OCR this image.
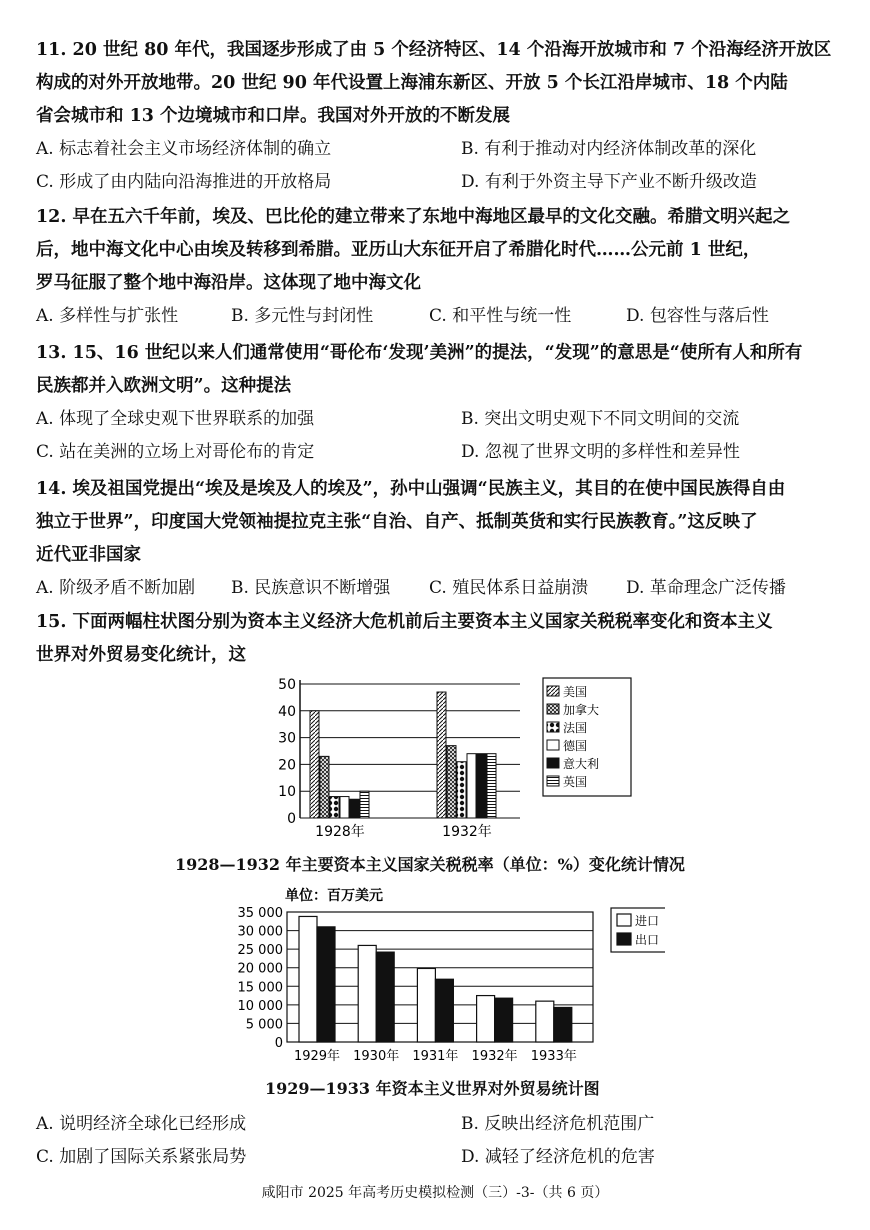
11. 20 世纪 80 年代，我国逐步形成了由 5 个经济特区、14 个沿海开放城市和 7 个沿海经济开放区
构成的对外开放地带。20 世纪 90 年代设置上海浦东新区、开放 5 个长江沿岸城市、18 个内陆
省会城市和 13 个边境城市和口岸。我国对外开放的不断发展
A. 标志着社会主义市场经济体制的确立	B. 有利于推动对内经济体制改革的深化
C. 形成了由内陆向沿海推进的开放格局	D. 有利于外资主导下产业不断升级改造
12. 早在五六千年前，埃及、巴比伦的建立带来了东地中海地区最早的文化交融。希腊文明兴起之
后，地中海文化中心由埃及转移到希腊。亚历山大东征开启了希腊化时代……公元前 1 世纪，
罗马征服了整个地中海沿岸。这体现了地中海文化
A. 多样性与扩张性	B. 多元性与封闭性	C. 和平性与统一性	D. 包容性与落后性
13. 15、16 世纪以来人们通常使用“哥伦布‘发现’美洲”的提法，“发现”的意思是“使所有人和所有
民族都并入欧洲文明”。这种提法
A. 体现了全球史观下世界联系的加强	B. 突出文明史观下不同文明间的交流
C. 站在美洲的立场上对哥伦布的肯定	D. 忽视了世界文明的多样性和差异性
14. 埃及祖国党提出“埃及是埃及人的埃及”，孙中山强调“民族主义，其目的在使中国民族得自由
独立于世界”，印度国大党领袖提拉克主张“自治、自产、抵制英货和实行民族教育。”这反映了
近代亚非国家
A. 阶级矛盾不断加剧 B. 民族意识不断增强 C. 殖民体系日益崩溃 D. 革命理念广泛传播
15. 下面两幅柱状图分别为资本主义经济大危机前后主要资本主义国家关税税率变化和资本主义
世界对外贸易变化统计，这
0
10
20
30
40
50
1928年	1932年
美国
加拿大
法国
德国
意大利
英国
1928—1932 年主要资本主义国家关税税率（单位：%）变化统计情况
单位：百万美元
0
5 000
10 000
15 000
20 000
25 000
30 000
35 000
1929年 1930年 1931年 1932年 1933年
进口
出口
1929—1933 年资本主义世界对外贸易统计图
A. 说明经济全球化已经形成	B. 反映出经济危机范围广
C. 加剧了国际关系紧张局势	D. 减轻了经济危机的危害
咸阳市 2025 年高考历史模拟检测（三）-3-（共 6 页）
